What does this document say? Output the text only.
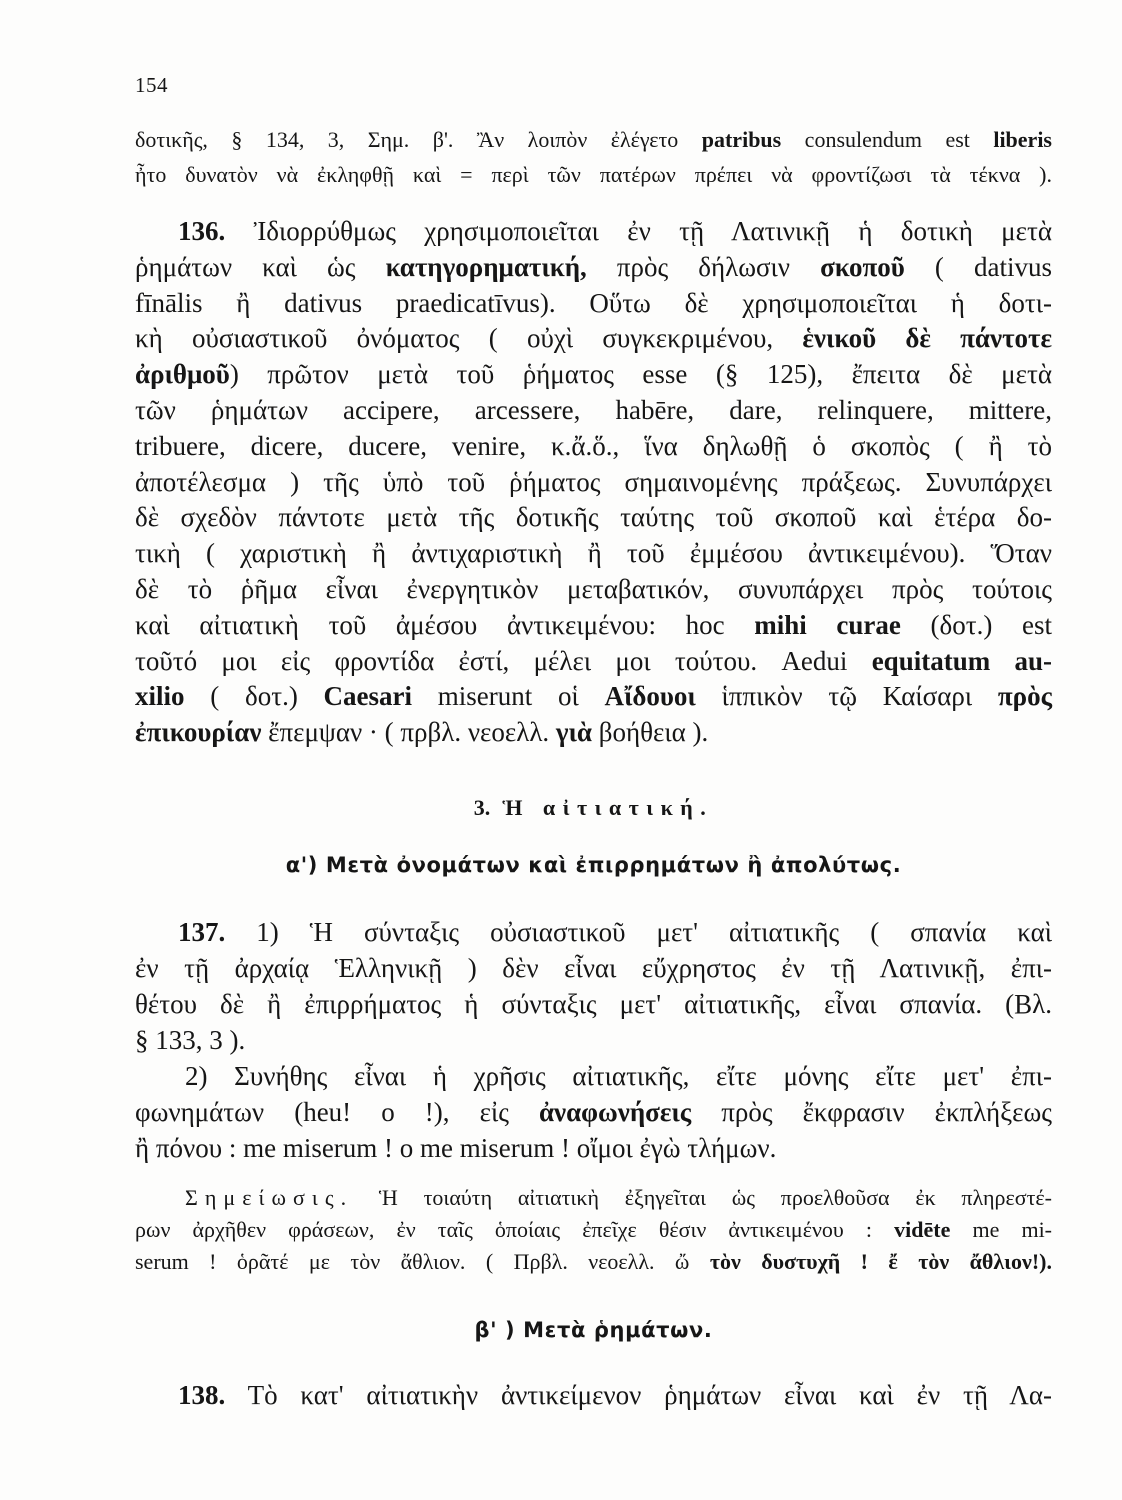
154
δοτικῆς, § 134, 3, Σημ. β'. Ἂν λοιπὸν ἐλέγετο patribus consulendum est liberis
ἦτο δυνατὸν νὰ ἐκληφθῇ καὶ = περὶ τῶν πατέρων πρέπει νὰ φροντίζωσι τὰ τέκνα ).
136. Ἰδιορρύθμως χρησιμοποιεῖται ἐν τῇ Λατινικῇ ἡ δοτικὴ μετὰ
ῥημάτων καὶ ὡς κατηγορηματική, πρὸς δήλωσιν σκοποῦ ( dativus
fīnālis ἢ dativus praedicatīvus). Οὕτω δὲ χρησιμοποιεῖται ἡ δοτι-
κὴ οὐσιαστικοῦ ὀνόματος ( οὐχὶ συγκεκριμένου, ἑνικοῦ δὲ πάντοτε
ἀριθμοῦ) πρῶτον μετὰ τοῦ ῥήματος esse (§ 125), ἔπειτα δὲ μετὰ
τῶν ῥημάτων accipere, arcessere, habēre, dare, relinquere, mittere,
tribuere, dicere, ducere, venire, κ.ἄ.ὅ., ἵνα δηλωθῇ ὁ σκοπὸς ( ἢ τὸ
ἀποτέλεσμα ) τῆς ὑπὸ τοῦ ῥήματος σημαινομένης πράξεως. Συνυπάρχει
δὲ σχεδὸν πάντοτε μετὰ τῆς δοτικῆς ταύτης τοῦ σκοποῦ καὶ ἑτέρα δο-
τικὴ ( χαριστικὴ ἢ ἀντιχαριστικὴ ἢ τοῦ ἐμμέσου ἀντικειμένου). Ὅταν
δὲ τὸ ῥῆμα εἶναι ἐνεργητικὸν μεταβατικόν, συνυπάρχει πρὸς τούτοις
καὶ αἰτιατικὴ τοῦ ἀμέσου ἀντικειμένου: hoc mihi curae (δοτ.) est
τοῦτό μοι εἰς φροντίδα ἐστί, μέλει μοι τούτου. Aedui equitatum au-
xilio ( δοτ.) Caesari miserunt οἱ Αἴδουοι ἱππικὸν τῷ Καίσαρι πρὸς
ἐπικουρίαν ἔπεμψαν · ( πρβλ. νεοελλ. γιὰ βοήθεια ).
3. Ἡ αἰτιατική.
α') Μετὰ ὀνομάτων καὶ ἐπιρρημάτων ἢ ἀπολύτως.
137. 1) Ἡ σύνταξις οὐσιαστικοῦ μετ' αἰτιατικῆς ( σπανία καὶ
ἐν τῇ ἀρχαίᾳ Ἑλληνικῇ ) δὲν εἶναι εὔχρηστος ἐν τῇ Λατινικῇ, ἐπι-
θέτου δὲ ἢ ἐπιρρήματος ἡ σύνταξις μετ' αἰτιατικῆς, εἶναι σπανία. (Βλ.
§ 133, 3 ).
2) Συνήθης εἶναι ἡ χρῆσις αἰτιατικῆς, εἴτε μόνης εἴτε μετ' ἐπι-
φωνημάτων (heu! o !), εἰς ἀναφωνήσεις πρὸς ἔκφρασιν ἐκπλήξεως
ἢ πόνου : me miserum ! o me miserum ! οἴμοι ἐγὼ τλήμων.
Σημείωσις. Ἡ τοιαύτη αἰτιατικὴ ἐξηγεῖται ὡς προελθοῦσα ἐκ πληρεστέ-
ρων ἀρχῆθεν φράσεων, ἐν ταῖς ὁποίαις ἐπεῖχε θέσιν ἀντικειμένου : vidēte me mi-
serum ! ὁρᾶτέ με τὸν ἄθλιον. ( Πρβλ. νεοελλ. ὤ τὸν δυστυχῆ ! ἔ τὸν ἄθλιον!).
β' ) Μετὰ ῥημάτων.
138. Τὸ κατ' αἰτιατικὴν ἀντικείμενον ῥημάτων εἶναι καὶ ἐν τῇ Λα-
